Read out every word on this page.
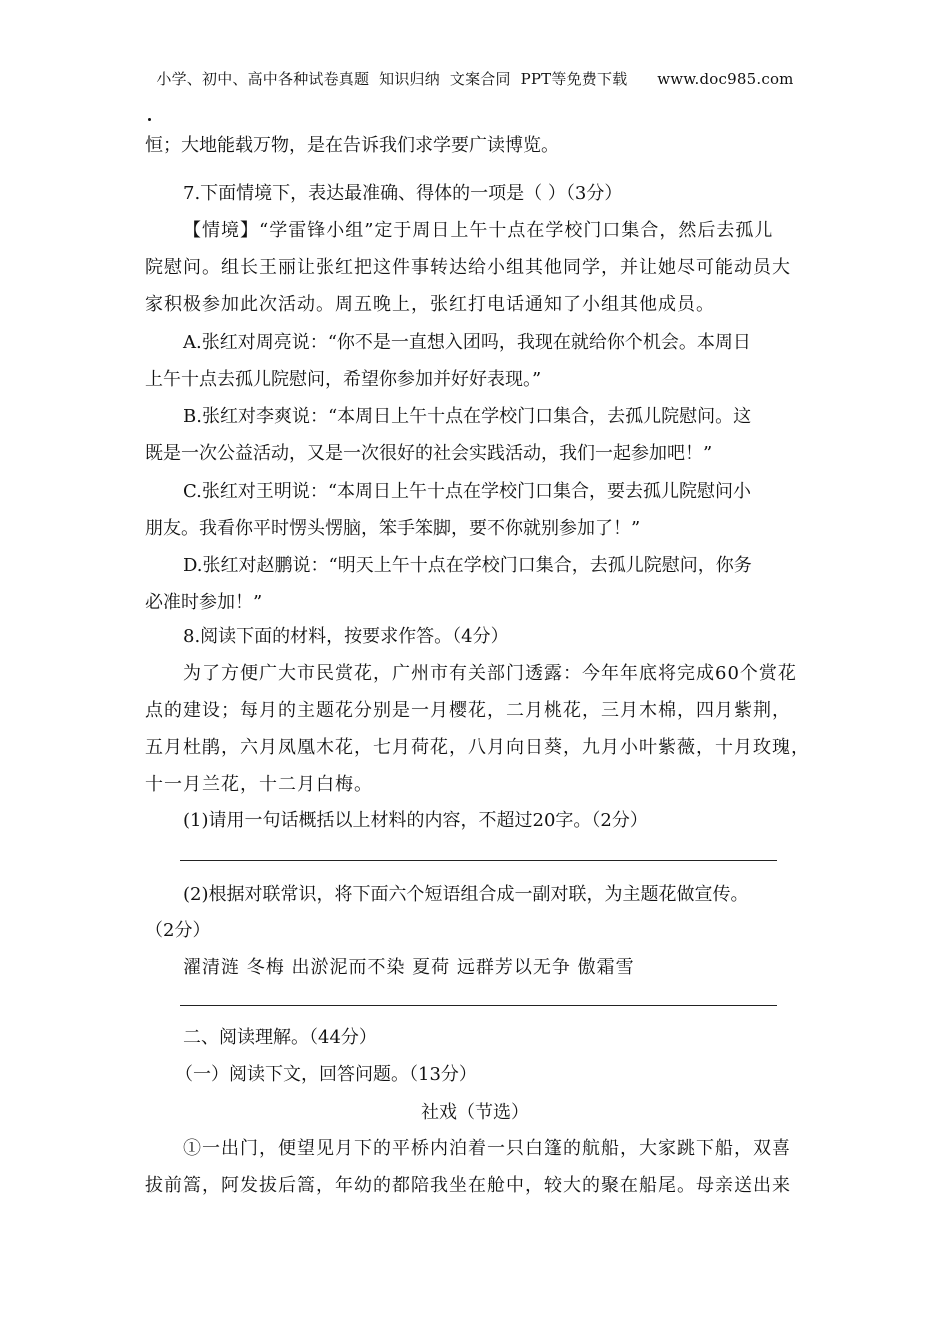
小学、初中、高中各种试卷真题  知识归纳  文案合同  PPT等免费下载      www.doc985.com
恒；大地能载万物，是在告诉我们求学要广读博览。
7.下面情境下，表达最准确、得体的一项是（ ）（3分）
【情境】“学雷锋小组”定于周日上午十点在学校门口集合，然后去孤儿
院慰问。组长王丽让张红把这件事转达给小组其他同学，并让她尽可能动员大
家积极参加此次活动。周五晚上，张红打电话通知了小组其他成员。
A.张红对周亮说：“你不是一直想入团吗，我现在就给你个机会。本周日
上午十点去孤儿院慰问，希望你参加并好好表现。”
B.张红对李爽说：“本周日上午十点在学校门口集合，去孤儿院慰问。这
既是一次公益活动，又是一次很好的社会实践活动，我们一起参加吧！”
C.张红对王明说：“本周日上午十点在学校门口集合，要去孤儿院慰问小
朋友。我看你平时愣头愣脑，笨手笨脚，要不你就别参加了！”
D.张红对赵鹏说：“明天上午十点在学校门口集合，去孤儿院慰问，你务
必准时参加！”
8.阅读下面的材料，按要求作答。（4分）
为了方便广大市民赏花，广州市有关部门透露：今年年底将完成60个赏花
点的建设；每月的主题花分别是一月樱花，二月桃花，三月木棉，四月紫荆，
五月杜鹃，六月凤凰木花，七月荷花，八月向日葵，九月小叶紫薇，十月玫瑰，
十一月兰花，十二月白梅。
(1)请用一句话概括以上材料的内容，不超过20字。（2分）
(2)根据对联常识，将下面六个短语组合成一副对联，为主题花做宣传。
（2分）
濯清涟 冬梅 出淤泥而不染 夏荷 远群芳以无争 傲霜雪
二、阅读理解。（44分）
（一）阅读下文，回答问题。（13分）
社戏（节选）
①一出门，便望见月下的平桥内泊着一只白篷的航船，大家跳下船，双喜
拔前篙，阿发拔后篙，年幼的都陪我坐在舱中，较大的聚在船尾。母亲送出来
